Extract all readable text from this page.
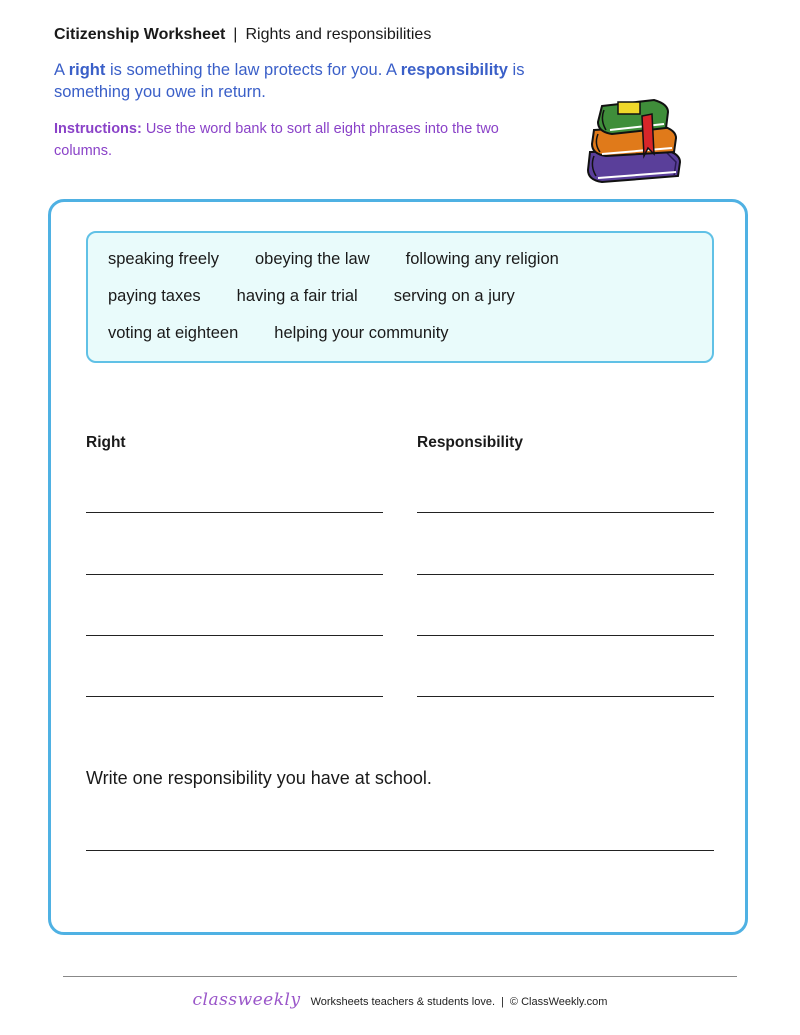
Citizenship Worksheet | Rights and responsibilities
A right is something the law protects for you. A responsibility is something you owe in return.
Instructions: Use the word bank to sort all eight phrases into the two columns.
speaking freely obeying the law following any religion
paying taxes having a fair trial serving on a jury
voting at eighteen helping your community
Right	Responsibility
Write one responsibility you have at school.
classweekly Worksheets teachers & students love. | © ClassWeekly.com
